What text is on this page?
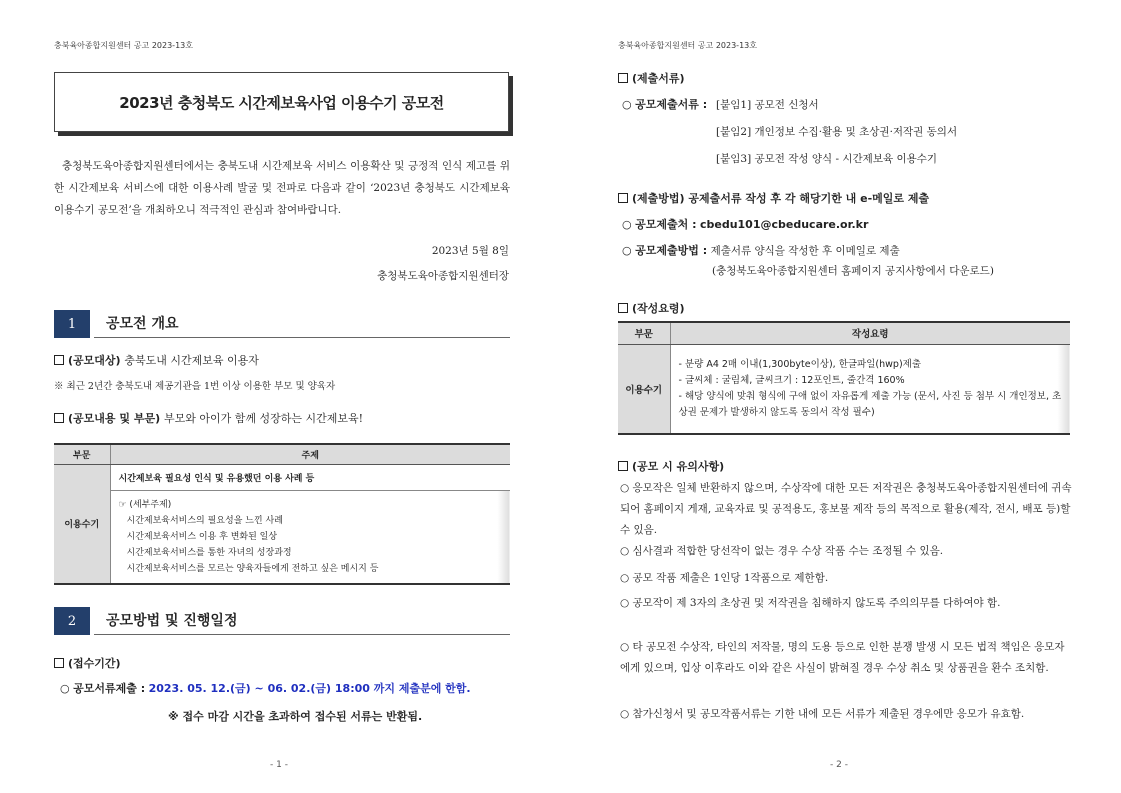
충북육아종합지원센터 공고 2023-13호
2023년 충청북도 시간제보육사업 이용수기 공모전
충청북도육아종합지원센터에서는 충북도내 시간제보육 서비스 이용확산 및 긍정적 인식 제고를 위한 시간제보육 서비스에 대한 이용사례 발굴 및 전파로 다음과 같이 ‘2023년 충청북도 시간제보육 이용수기 공모전’을 개최하오니 적극적인 관심과 참여바랍니다.
2023년 5월 8일
충청북도육아종합지원센터장
1	공모전 개요
(공모대상) 충북도내 시간제보육 이용자
※ 최근 2년간 충북도내 제공기관을 1번 이상 이용한 부모 및 양육자
(공모내용 및 부문) 부모와 아이가 함께 성장하는 시간제보육!
부문	주제
이용수기	시간제보육 필요성 인식 및 유용했던 이용 사례 등

	☞ (세부주제)
시간제보육서비스의 필요성을 느낀 사례
시간제보육서비스 이용 후 변화된 일상
시간제보육서비스를 통한 자녀의 성장과정
시간제보육서비스를 모르는 양육자들에게 전하고 싶은 메시지 등
2	공모방법 및 진행일정
(접수기간)
○ 공모서류제출 : 2023. 05. 12.(금) ~ 06. 02.(금) 18:00 까지 제출분에 한함.
※ 접수 마감 시간을 초과하여 접수된 서류는 반환됨.
- 1 -
충북육아종합지원센터 공고 2023-13호
(제출서류)
○ 공모제출서류 : [붙임1] 공모전 신청서
[붙임2] 개인정보 수집·활용 및 초상권·저작권 동의서
[붙임3] 공모전 작성 양식 - 시간제보육 이용수기
(제출방법) 공제출서류 작성 후 각 해당기한 내 e-메일로 제출
○ 공모제출처 : cbedu101@cbeducare.or.kr
○ 공모제출방법 : 제출서류 양식을 작성한 후 이메일로 제출
(충청북도육아종합지원센터 홈페이지 공지사항에서 다운로드)
(작성요령)
부문	작성요령
이용수기	- 분량 A4 2매 이내(1,300byte이상), 한글파일(hwp)제출
- 글씨체 : 굴림체, 글씨크기 : 12포인트, 줄간격 160%
- 해당 양식에 맞춰 형식에 구애 없이 자유롭게 제출 가능 (문서, 사진 등 첨부 시 개인정보, 초상권 문제가 발생하지 않도록 동의서 작성 필수)
(공모 시 유의사항)

○ 응모작은 일체 반환하지 않으며, 수상작에 대한 모든 저작권은 충청북도육아종합지원센터에 귀속되어 홈페이지 게재, 교육자료 및 공적용도, 홍보물 제작 등의 목적으로 활용(제작, 전시, 배포 등)할 수 있음.

○ 심사결과 적합한 당선작이 없는 경우 수상 작품 수는 조정될 수 있음.

○ 공모 작품 제출은 1인당 1작품으로 제한함.

○ 공모작이 제 3자의 초상권 및 저작권을 침해하지 않도록 주의의무를 다하여야 함.

○ 타 공모전 수상작, 타인의 저작물, 명의 도용 등으로 인한 분쟁 발생 시 모든 법적 책임은 응모자에게 있으며, 입상 이후라도 이와 같은 사실이 밝혀질 경우 수상 취소 및 상품권을 환수 조치함.

○ 참가신청서 및 공모작품서류는 기한 내에 모든 서류가 제출된 경우에만 응모가 유효함.

- 2 -
